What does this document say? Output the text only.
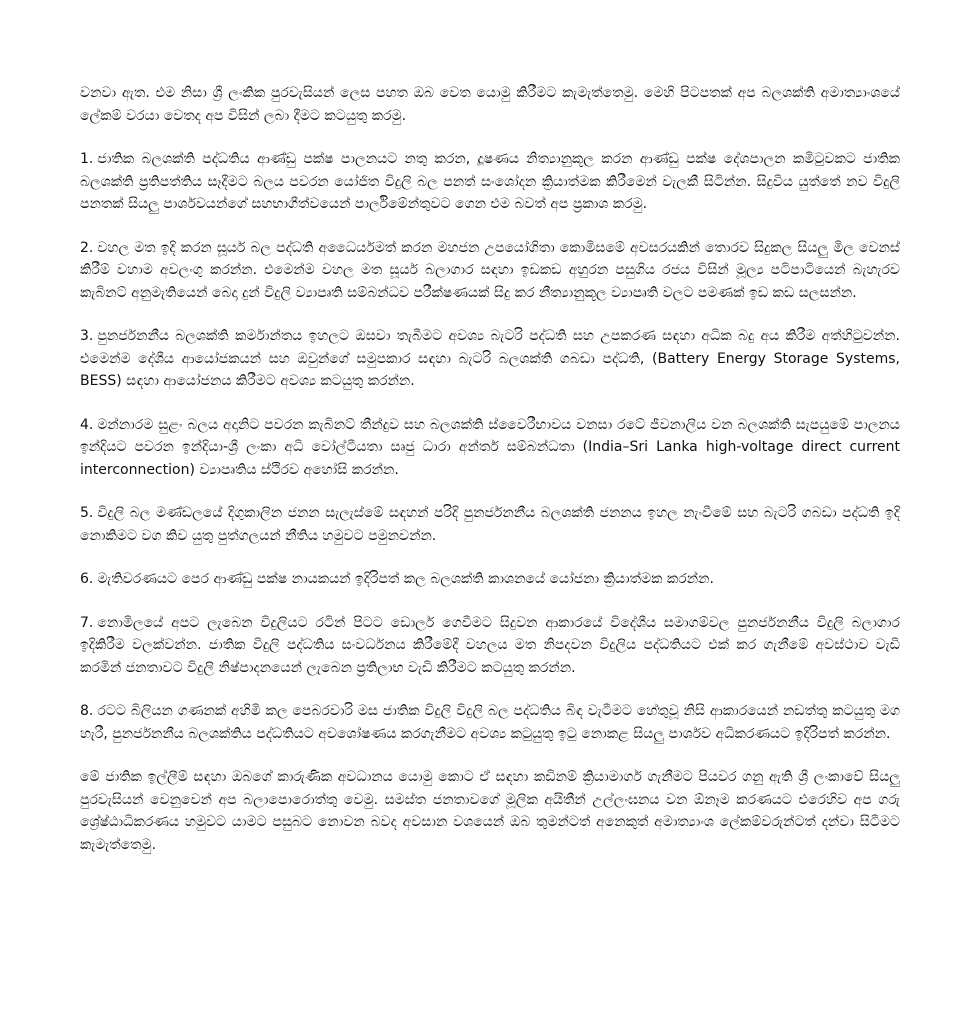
වනවා ඇත. එම නිසා ශ්‍රී ලංකික පුරවැසියන් ලෙස පහත ඔබ වෙත යොමු කිරීමට කැමැත්තෙමු. මෙහි පිටපතක් අප බලශක්ති අමාත්‍යාංශයේ ලේකම් වරයා වෙතද අප විසින් ලබා දීමට කටයුතු කරමු.

1. ජාතික බලශක්ති පද්ධතිය ආණ්ඩු පක්ෂ පාලනයට නතු කරන, දූෂණය නිත්‍යානුකූල කරන ආණ්ඩු පක්ෂ දේශපාලන කමිටුවකට ජාතික බලශක්ති ප්‍රතිපත්තිය සෑදීමට බලය පවරන යෝජිත විදුලි බල පනත් සංශෝදන ක්‍රියාත්මක කිරීමෙන් වැලකී සිටින්න. සිදුවිය යුත්තේ නව විදුලි පනතක් සියලු පාර්ශවයන්ගේ සහභාගීත්වයෙන් පාර්ලිමේන්තුවට ගෙන එම බවත් අප ප්‍රකාශ කරමු.

2. වහල මත ඉදි කරන සූර්ය බල පද්ධති අධෛර්යමත් කරන මහජන උපයෝගිතා කොමිසමේ අවසරයකින් තොරව සිදුකල සියලු මිල වෙනස් කිරීම් වහාම අවලංගු කරන්න. එමෙන්ම වහල මත සූර්ය බලාගාර සඳහා ඉඩකඩ අහුරන පසුගිය රජය විසින් මූල්‍ය පටිපාටියෙන් බැහැරව කැබිනට් අනුමැතියෙන් බෙදා දුන් විදුලි ව්‍යාපෘති සම්බන්ධව පරීක්ෂණයක් සිදු කර නීත්‍යානුකූල ව්‍යාපෘති වලට පමණක් ඉඩ කඩ සලසන්න.

3. පුනර්ජනනීය බලශක්ති කර්මාන්තය ඉහලට ඔසවා තැබීමට අවශ්‍ය බැටරි පද්ධති සහ උපකරණ සඳහා අධික බදු අය කිරීම අත්හිටුවන්න. එමෙන්ම දේශීය ආයෝජකයන් සහ ඔවුන්ගේ සමුපකාර සඳහා බැටරි බලශක්ති ගබඩා පද්ධති, (Battery Energy Storage Systems, BESS) සඳහා ආයෝජනය කිරීමට අවශ්‍ය කටයුතු කරන්න.

4. මන්නාරම සුළං බලය අදානිට පවරන කැබිනට් තීන්දුව සහ බලශක්ති ස්වෛරීභාවය වනසා රටේ ජීවනාලිය වන බලශක්ති සැපයුමේ පාලනය ඉන්දියට පවරන ඉන්දියා-ශ්‍රී ලංකා අධි වෝල්ටීයතා සෘජු ධාරා අන්තර් සම්බන්ධතා (India–Sri Lanka high-voltage direct current interconnection) ව්‍යාපෘතිය ස්ථිරව අහෝසි කරන්න.

5. විදුලි බල මණ්ඩලයේ දිගුකාලින ජනන සැලැස්මේ සඳහන් පරිදි පුනර්ජනනීය බලශක්ති ජනනය ඉහල නැංවීමේ සහ බැටරි ගබඩා පද්ධති ඉදි නොකිමට වග කිව යුතු පුත්ගලයන් නීතිය හමුවට පමුනවන්න.

6. මැතිවරණයට පෙර ආණ්ඩු පක්ෂ නායකයන් ඉදිරිපත් කල බලශක්ති කාශනයේ යෝජනා ක්‍රියාත්මක කරන්න.

7. නොමිලයේ අපට ලැබෙන විදුලියට රටින් පිටට ඩොලර් ගෙවීමට සිදුවන ආකාරයේ විදේශීය සමාගම්වල පුනර්ජනනීය විදුලි බලාගාර ඉදිකිරීම වලක්වන්න. ජාතික විදුලි පද්ධතිය සංවර්ධනය කිරීමේදී වහලය මත නිපදවන විදුලිය පද්ධතියට එක් කර ගැනීමේ අවස්ථාව වැඩි කරමින් ජනතාවට විදුලි නිෂ්පාදනයෙන් ලැබෙන ප්‍රතිලාභ වැඩි කිරීමට කටයුතු කරන්න.

8. රටට බිලියන ගණනක් අහිමි කල පෙබරවාරි මස ජාතික විදුලි විදුලි බල පද්ධතිය බිඳ වැටීමට හේතුවූ නිසි ආකාරයෙන් නඩත්තු කටයුතු මග හැරී, පුනර්ජනනීය බලශක්තිය පද්ධතියට අවශෝෂණය කරගැනීමට අවශ්‍ය කටුයුතු ඉටු නොකළ සියලු පාර්ශව අධිකරණයට ඉදිරිපත් කරන්න.

මේ ජාතික ඉල්ලීම් සඳහා ඔබගේ කාරුණික අවධානය යොමු කොට ඒ සඳහා කඩිනම් ක්‍රියාමාර්ග ගැනීමට පියවර ගනු ඇති ශ්‍රී ලංකාවේ සියලු පුරවැසියන් වෙනුවෙන් අප බලාපොරොත්තු වෙමු. සමස්ත ජනතාවගේ මූලික අයිතීන් උල්ලංඝනය වන ඕනෑම කරණයට එරෙහිව අප ගරු ශ්‍රේෂ්ඨාධිකරණය හමුවට යාමට පසුබට නොවන බවද අවසාන වශයෙන් ඔබ තුමන්ටත් අනෙකුත් අමාත්‍යාංශ ලේකම්වරුන්ටත් දන්වා සිටීමට කැමැත්තෙමු.
